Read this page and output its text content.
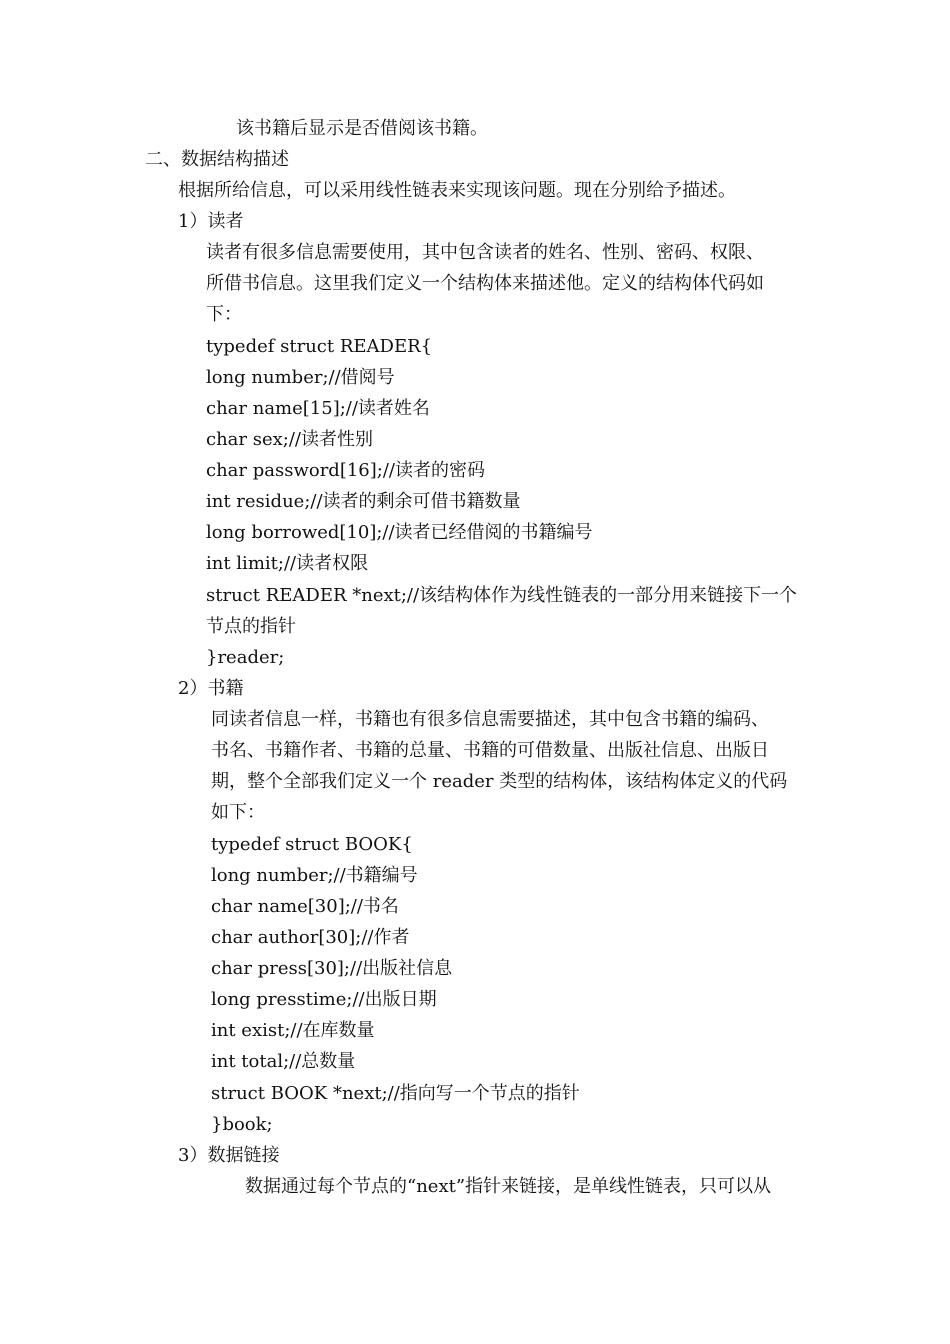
该书籍后显示是否借阅该书籍。
二、数据结构描述
根据所给信息，可以采用线性链表来实现该问题。现在分别给予描述。
1）读者
读者有很多信息需要使用，其中包含读者的姓名、性别、密码、权限、
所借书信息。这里我们定义一个结构体来描述他。定义的结构体代码如
下：
typedef struct READER{
long number;//借阅号
char name[15];//读者姓名
char sex;//读者性别
char password[16];//读者的密码
int residue;//读者的剩余可借书籍数量
long borrowed[10];//读者已经借阅的书籍编号
int limit;//读者权限
struct READER *next;//该结构体作为线性链表的一部分用来链接下一个
节点的指针
}reader;
2）书籍
同读者信息一样，书籍也有很多信息需要描述，其中包含书籍的编码、
书名、书籍作者、书籍的总量、书籍的可借数量、出版社信息、出版日
期，整个全部我们定义一个 reader 类型的结构体，该结构体定义的代码
如下：
typedef struct BOOK{
long number;//书籍编号
char name[30];//书名
char author[30];//作者
char press[30];//出版社信息
long presstime;//出版日期
int exist;//在库数量
int total;//总数量
struct BOOK *next;//指向写一个节点的指针
}book;
3）数据链接
数据通过每个节点的“next”指针来链接，是单线性链表，只可以从
